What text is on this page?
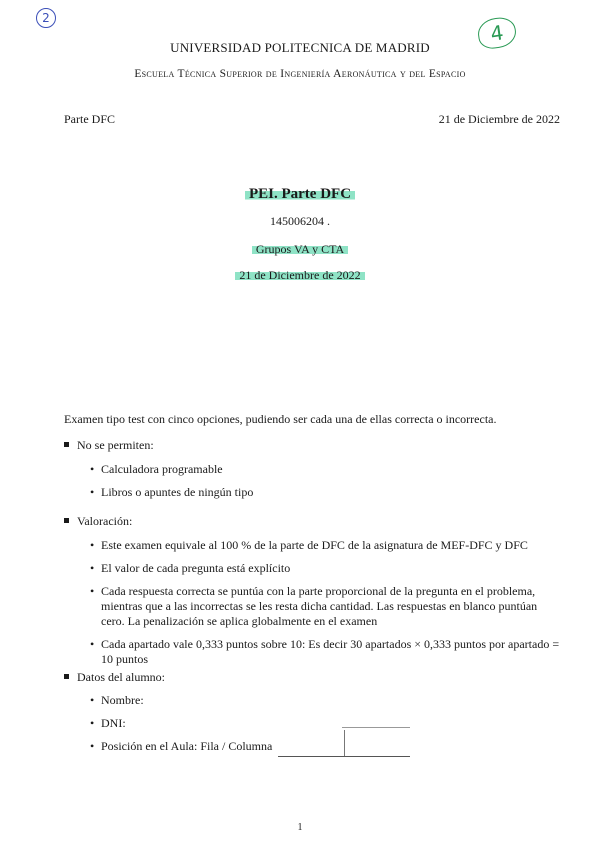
2
4
UNIVERSIDAD POLITECNICA DE MADRID
Escuela Técnica Superior de Ingeniería Aeronáutica y del Espacio
Parte DFC	21 de Diciembre de 2022
PEI. Parte DFC
145006204 .
Grupos VA y CTA
21 de Diciembre de 2022
Examen tipo test con cinco opciones, pudiendo ser cada una de ellas correcta o incorrecta.
No se permiten:
• Calculadora programable
• Libros o apuntes de ningún tipo
Valoración:
• Este examen equivale al 100 % de la parte de DFC de la asignatura de MEF-DFC y DFC
• El valor de cada pregunta está explícito
• Cada respuesta correcta se puntúa con la parte proporcional de la pregunta en el problema, mientras que a las incorrectas se les resta dicha cantidad. Las respuestas en blanco puntúan cero. La penalización se aplica globalmente en el examen
• Cada apartado vale 0,333 puntos sobre 10: Es decir 30 apartados × 0,333 puntos por apartado = 10 puntos
Datos del alumno:
• Nombre:
• DNI:
• Posición en el Aula: Fila / Columna
1
